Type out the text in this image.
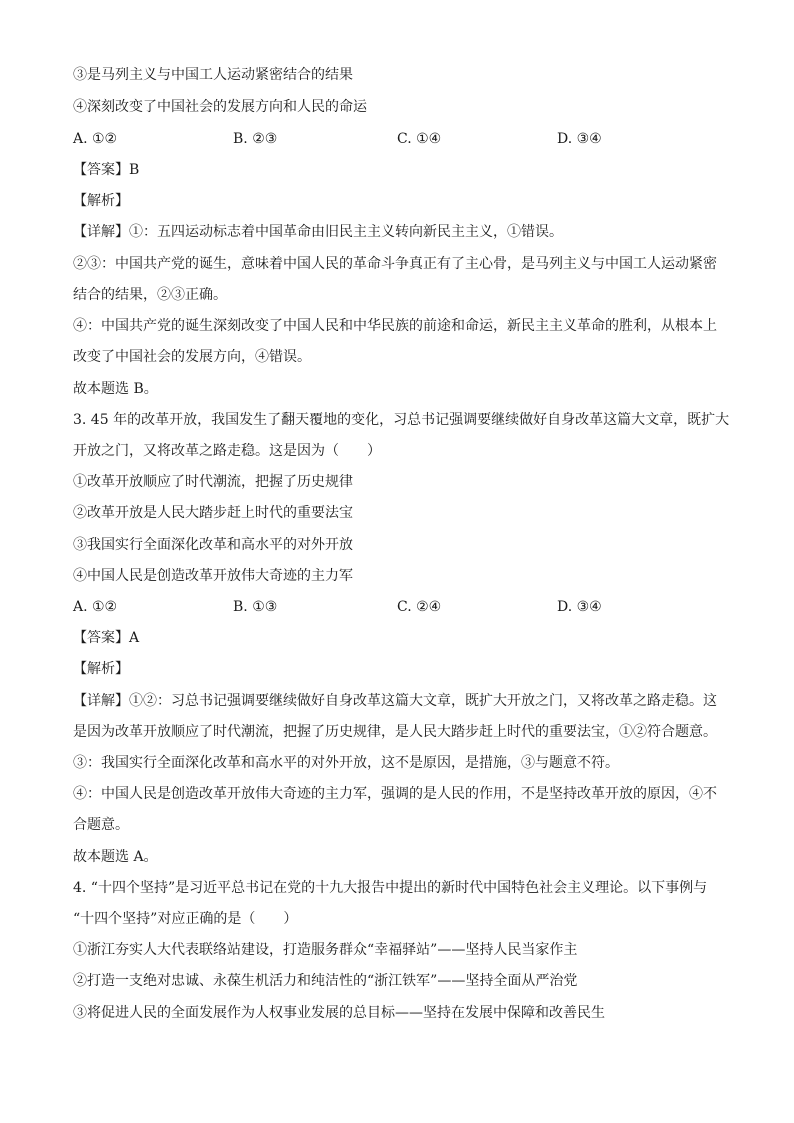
③是马列主义与中国工人运动紧密结合的结果
④深刻改变了中国社会的发展方向和人民的命运
A. ①②	B. ②③	C. ①④	D. ③④
【答案】B
【解析】
【详解】①：五四运动标志着中国革命由旧民主主义转向新民主主义，①错误。
②③：中国共产党的诞生，意味着中国人民的革命斗争真正有了主心骨，是马列主义与中国工人运动紧密
结合的结果，②③正确。
④：中国共产党的诞生深刻改变了中国人民和中华民族的前途和命运，新民主主义革命的胜利，从根本上
改变了中国社会的发展方向，④错误。
故本题选 B。
3. 45 年的改革开放，我国发生了翻天覆地的变化，习总书记强调要继续做好自身改革这篇大文章，既扩大
开放之门，又将改革之路走稳。这是因为（　　）
①改革开放顺应了时代潮流，把握了历史规律
②改革开放是人民大踏步赶上时代的重要法宝
③我国实行全面深化改革和高水平的对外开放
④中国人民是创造改革开放伟大奇迹的主力军
A. ①②	B. ①③	C. ②④	D. ③④
【答案】A
【解析】
【详解】①②：习总书记强调要继续做好自身改革这篇大文章，既扩大开放之门，又将改革之路走稳。这
是因为改革开放顺应了时代潮流，把握了历史规律，是人民大踏步赶上时代的重要法宝，①②符合题意。
③：我国实行全面深化改革和高水平的对外开放，这不是原因，是措施，③与题意不符。
④：中国人民是创造改革开放伟大奇迹的主力军，强调的是人民的作用，不是坚持改革开放的原因，④不
合题意。
故本题选 A。
4. “十四个坚持”是习近平总书记在党的十九大报告中提出的新时代中国特色社会主义理论。以下事例与
“十四个坚持”对应正确的是（　　）
①浙江夯实人大代表联络站建设，打造服务群众“幸福驿站”——坚持人民当家作主
②打造一支绝对忠诚、永葆生机活力和纯洁性的“浙江铁军”——坚持全面从严治党
③将促进人民的全面发展作为人权事业发展的总目标——坚持在发展中保障和改善民生
